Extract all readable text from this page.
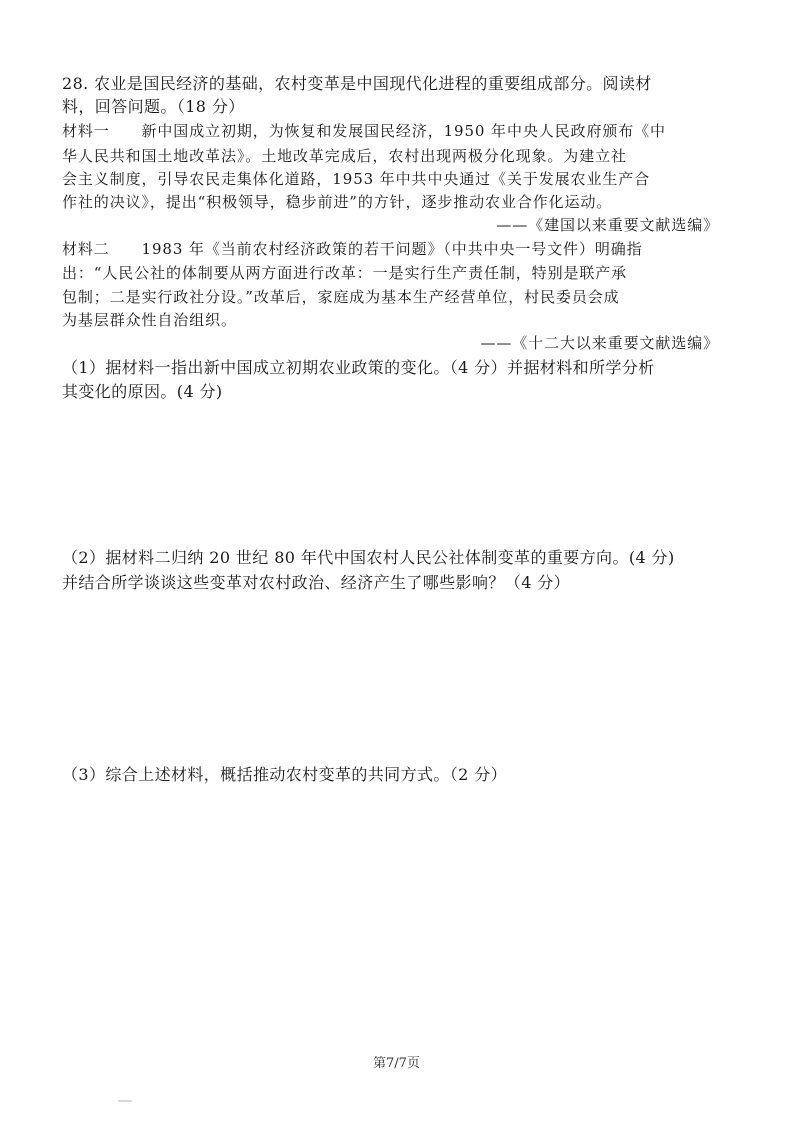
28. 农业是国民经济的基础，农村变革是中国现代化进程的重要组成部分。阅读材
料，回答问题。（18 分）
材料一　　新中国成立初期，为恢复和发展国民经济，1950 年中央人民政府颁布《中
华人民共和国土地改革法》。土地改革完成后，农村出现两极分化现象。为建立社
会主义制度，引导农民走集体化道路，1953 年中共中央通过《关于发展农业生产合
作社的决议》，提出“积极领导，稳步前进”的方针，逐步推动农业合作化运动。
——《建国以来重要文献选编》
材料二　　1983 年《当前农村经济政策的若干问题》（中共中央一号文件）明确指
出：“人民公社的体制要从两方面进行改革：一是实行生产责任制，特别是联产承
包制；二是实行政社分设。”改革后，家庭成为基本生产经营单位，村民委员会成
为基层群众性自治组织。
——《十二大以来重要文献选编》
（1）据材料一指出新中国成立初期农业政策的变化。（4 分）并据材料和所学分析
其变化的原因。(4 分)
（2）据材料二归纳 20 世纪 80 年代中国农村人民公社体制变革的重要方向。(4 分)
并结合所学谈谈这些变革对农村政治、经济产生了哪些影响？（4 分）
（3）综合上述材料，概括推动农村变革的共同方式。（2 分）
第7/7页
